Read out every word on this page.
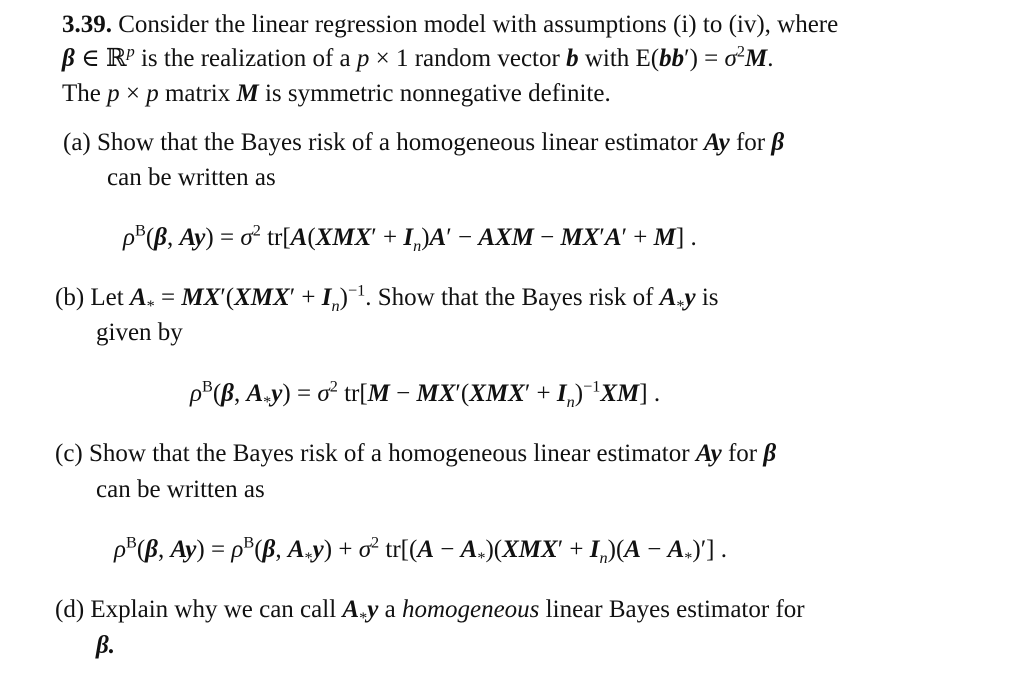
3.39. Consider the linear regression model with assumptions (i) to (iv), where
β ∈ ℝ$^p$ is the realization of a p × 1 random vector b with $E(bb') = \sigma^2M$.
The p × p matrix M is symmetric nonnegative definite.
(a) Show that the Bayes risk of a homogeneous linear estimator Ay for β
can be written as
$\rho^B(\beta$, $Ay) = \sigma^2$ $tr[A(XMX' + I_n)A'$ − AXM − MX′A′ + M] .
(b) Let $A_* = MX'(XMX' + I_n)^{-1}$. Show that the Bayes risk of $A_*y$ is
given by
$\rho^B(\beta$, $A_*y) = \sigma^2$ $tr[M - MX'(XMX' + I_n)^{-1}XM]$ .
(c) Show that the Bayes risk of a homogeneous linear estimator Ay for β
can be written as
$\rho^B(\beta$, $Ay) = \rho^B(\beta$, $A_*y) + \sigma^2$ $tr[(A - A_*)(XMX' + I_n)(A - A_*)']$ .
(d) Explain why we can call $A_*y$ a homogeneous linear Bayes estimator for
β.
